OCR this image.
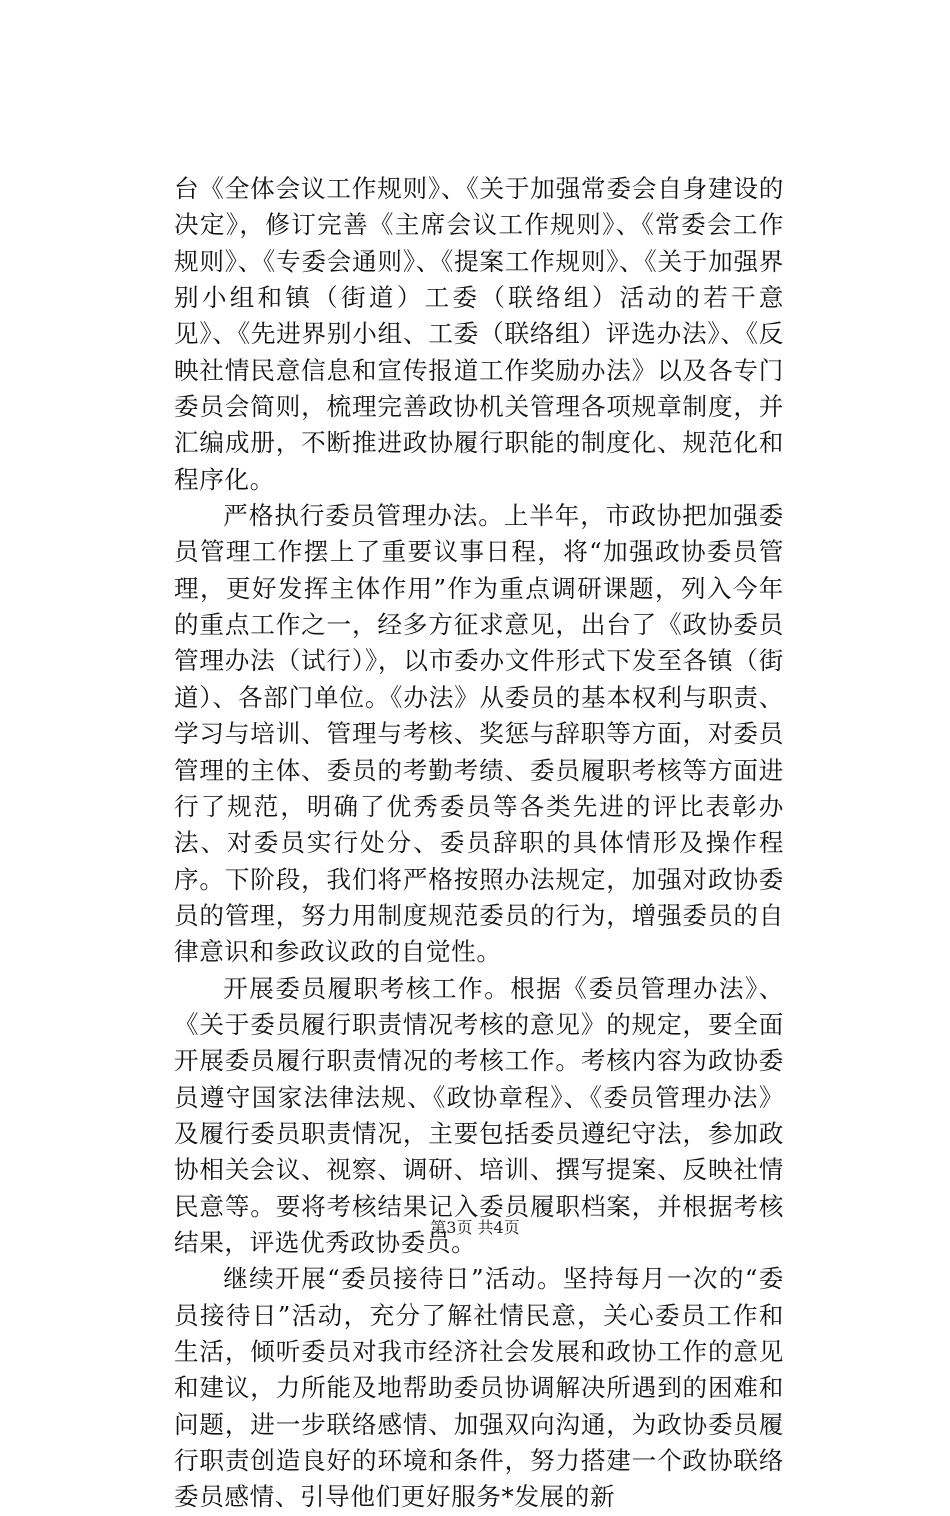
台《全体会议工作规则》、《关于加强常委会自身建设的决定》，修订完善《主席会议工作规则》、《常委会工作规则》、《专委会通则》、《提案工作规则》、《关于加强界别小组和镇（街道）工委（联络组）活动的若干意见》、《先进界别小组、工委（联络组）评选办法》、《反映社情民意信息和宣传报道工作奖励办法》以及各专门委员会简则，梳理完善政协机关管理各项规章制度，并汇编成册，不断推进政协履行职能的制度化、规范化和程序化。

严格执行委员管理办法。上半年，市政协把加强委员管理工作摆上了重要议事日程，将“加强政协委员管理，更好发挥主体作用”作为重点调研课题，列入今年的重点工作之一，经多方征求意见，出台了《政协委员管理办法（试行）》，以市委办文件形式下发至各镇（街道）、各部门单位。《办法》从委员的基本权利与职责、学习与培训、管理与考核、奖惩与辞职等方面，对委员管理的主体、委员的考勤考绩、委员履职考核等方面进行了规范，明确了优秀委员等各类先进的评比表彰办法、对委员实行处分、委员辞职的具体情形及操作程序。下阶段，我们将严格按照办法规定，加强对政协委员的管理，努力用制度规范委员的行为，增强委员的自律意识和参政议政的自觉性。

开展委员履职考核工作。根据《委员管理办法》、《关于委员履行职责情况考核的意见》的规定，要全面开展委员履行职责情况的考核工作。考核内容为政协委员遵守国家法律法规、《政协章程》、《委员管理办法》及履行委员职责情况，主要包括委员遵纪守法，参加政协相关会议、视察、调研、培训、撰写提案、反映社情民意等。要将考核结果记入委员履职档案，并根据考核结果，评选优秀政协委员。

继续开展“委员接待日”活动。坚持每月一次的“委员接待日”活动，充分了解社情民意，关心委员工作和生活，倾听委员对我市经济社会发展和政协工作的意见和建议，力所能及地帮助委员协调解决所遇到的困难和问题，进一步联络感情、加强双向沟通，为政协委员履行职责创造良好的环境和条件，努力搭建一个政协联络委员感情、引导他们更好服务*发展的新

第3页 共4页
